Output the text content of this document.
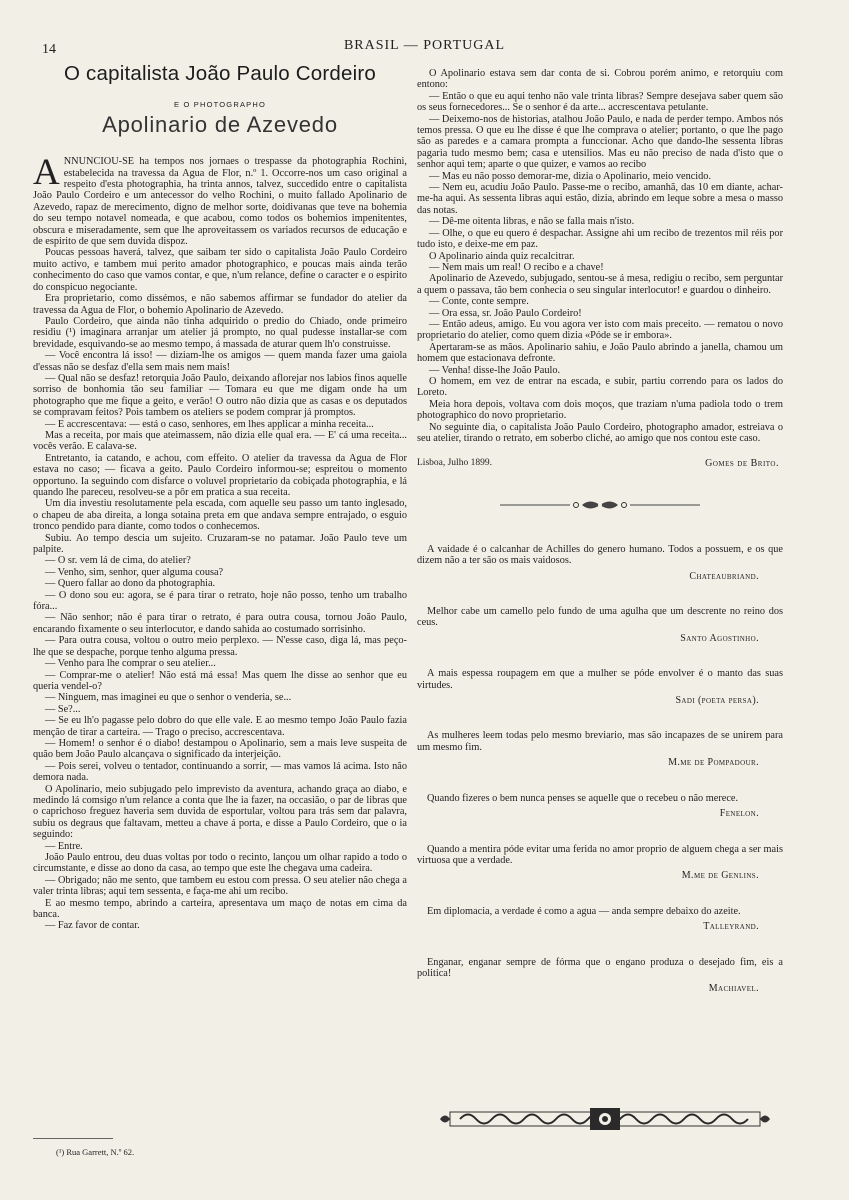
14	BRASIL — PORTUGAL
O capitalista João Paulo Cordeiro
E O PHOTOGRAPHO
Apolinario de Azevedo

ANNUNCIOU-SE ha tempos nos jornaes o trespasse da photographia Rochini, estabelecida na travessa da Agua de Flor, n.º 1. Occorre-nos um caso original a respeito d'esta photographia, ha trinta annos, talvez, succedido entre o capitalista João Paulo Cordeiro e um antecessor do velho Rochini, o muito fallado Apolinario de Azevedo, rapaz de merecimento, digno de melhor sorte, doidivanas que teve na bohemia do seu tempo notavel nomeada, e que acabou, como todos os bohemios impenitentes, obscura e miseradamente, sem que lhe aproveitassem os variados recursos de educação e de espirito de que sem duvida dispoz.

Poucas pessoas haverá, talvez, que saibam ter sido o capitalista João Paulo Cordeiro muito activo, e tambem mui perito amador photographico, e poucas mais ainda terão conhecimento do caso que vamos contar, e que, n'um relance, define o caracter e o espirito do conspicuo negociante.

Era proprietario, como dissémos, e não sabemos affirmar se fundador do atelier da travessa da Agua de Flor, o bohemio Apolinario de Azevedo.

Paulo Cordeiro, que ainda não tinha adquirido o predio do Chiado, onde primeiro residiu (¹) imaginara arranjar um atelier já prompto, no qual pudesse installar-se com brevidade, esquivando-se ao mesmo tempo, á massada de aturar quem lh'o construisse.

— Você encontra lá isso! — diziam-lhe os amigos — quem manda fazer uma gaiola d'essas não se desfaz d'ella sem mais nem mais!

— Qual não se desfaz! retorquia João Paulo, deixando aflorejar nos labios finos aquelle sorriso de bonhomia tão seu familiar — Tomara eu que me digam onde ha um photographo que me fique a geito, e verão! O outro não dizia que as casas e os deputados se compravam feitos? Pois tambem os ateliers se podem comprar já promptos.

— E accrescentava: — está o caso, senhores, em lhes applicar a minha receita...

Mas a receita, por mais que ateimassem, não dizia elle qual era. — E' cá uma receita... vocês verão. E calava-se.

Entretanto, ia catando, e achou, com effeito. O atelier da travessa da Agua de Flor estava no caso; — ficava a geito. Paulo Cordeiro informou-se; espreitou o momento opportuno. Ia seguindo com disfarce o voluvel proprietario da cobiçada photographia, e lá quando lhe pareceu, resolveu-se a pôr em pratica a sua receita.

Um dia investiu resolutamente pela escada, com aquelle seu passo um tanto inglesado, o chapeu de aba direita, a longa sotaina preta em que andava sempre entrajado, o esguio tronco pendido para diante, como todos o conhecemos.

Subiu. Ao tempo descia um sujeito. Cruzaram-se no patamar. João Paulo teve um palpite.

— O sr. vem lá de cima, do atelier?

— Venho, sim, senhor, quer alguma cousa?

— Quero fallar ao dono da photographia.

— O dono sou eu: agora, se é para tirar o retrato, hoje não posso, tenho um trabalho fóra...

— Não senhor; não é para tirar o retrato, é para outra cousa, tornou João Paulo, encarando fixamente o seu interlocutor, e dando sahida ao costumado sorrisinho.

— Para outra cousa, voltou o outro meio perplexo. — N'esse caso, diga lá, mas peço-lhe que se despache, porque tenho alguma pressa.

— Venho para lhe comprar o seu atelier...

— Comprar-me o atelier! Não está má essa! Mas quem lhe disse ao senhor que eu queria vendel-o?

— Ninguem, mas imaginei eu que o senhor o venderia, se...

— Se?...

— Se eu lh'o pagasse pelo dobro do que elle vale. E ao mesmo tempo João Paulo fazia menção de tirar a carteira. — Trago o preciso, accrescentava.

— Homem! o senhor é o diabo! destampou o Apolinario, sem a mais leve suspeita de quão bem João Paulo alcançava o significado da interjeição.

— Pois serei, volveu o tentador, continuando a sorrir, — mas vamos lá acima. Isto não demora nada.

O Apolinario, meio subjugado pelo imprevisto da aventura, achando graça ao diabo, e medindo lá comsigo n'um relance a conta que lhe ia fazer, na occasião, o par de libras que o caprichoso freguez haveria sem duvida de esportular, voltou para trás sem dar palavra, subiu os degraus que faltavam, metteu a chave á porta, e disse a Paulo Cordeiro, que o ia seguindo:

— Entre.

João Paulo entrou, deu duas voltas por todo o recinto, lançou um olhar rapido a todo o circumstante, e disse ao dono da casa, ao tempo que este lhe chegava uma cadeira.

— Obrigado; não me sento, que tambem eu estou com pressa. O seu atelier não chega a valer trinta libras; aqui tem sessenta, e faça-me ahi um recibo.

E ao mesmo tempo, abrindo a carteira, apresentava um maço de notas em cima da banca.

— Faz favor de contar.

O Apolinario estava sem dar conta de si. Cobrou porém animo, e retorquiu com entono:

— Então o que eu aqui tenho não vale trinta libras? Sempre desejava saber quem são os seus fornecedores... Se o senhor é da arte... accrescentava petulante.

— Deixemo-nos de historias, atalhou João Paulo, e nada de perder tempo. Ambos nós temos pressa. O que eu lhe disse é que lhe comprava o atelier; portanto, o que lhe pago são as paredes e a camara prompta a funccionar. Acho que dando-lhe sessenta libras pagaria tudo mesmo bem; casa e utensilios. Mas eu não preciso de nada d'isto que o senhor aqui tem; aparte o que quizer, e vamos ao recibo

— Mas eu não posso demorar-me, dizia o Apolinario, meio vencido.

— Nem eu, acudiu João Paulo. Passe-me o recibo, amanhã, das 10 em diante, achar-me-ha aqui. As sessenta libras aqui estão, dizia, abrindo em leque sobre a mesa o masso das notas.

— Dê-me oitenta libras, e não se falla mais n'isto.

— Olhe, o que eu quero é despachar. Assigne ahi um recibo de trezentos mil réis por tudo isto, e deixe-me em paz.

O Apolinario ainda quiz recalcitrar.

— Nem mais um real! O recibo e a chave!

Apolinario de Azevedo, subjugado, sentou-se á mesa, redigiu o recibo, sem perguntar a quem o passava, tão bem conhecia o seu singular interlocutor! e guardou o dinheiro.

— Conte, conte sempre.

— Ora essa, sr. João Paulo Cordeiro!

— Então adeus, amigo. Eu vou agora ver isto com mais preceito. — rematou o novo proprietario do atelier, como quem dizia «Póde se ir embora».

Apertaram-se as mãos. Apolinario sahiu, e João Paulo abrindo a janella, chamou um homem que estacionava defronte.

— Venha! disse-lhe João Paulo.

O homem, em vez de entrar na escada, e subir, partiu correndo para os lados do Loreto.

Meia hora depois, voltava com dois moços, que traziam n'uma padiola todo o trem photographico do novo proprietario.

No seguinte dia, o capitalista João Paulo Cordeiro, photographo amador, estreiava o seu atelier, tirando o retrato, em soberbo cliché, ao amigo que nos contou este caso.

Lisboa, Julho 1899.	Gomes de Brito.
A vaidade é o calcanhar de Achilles do genero humano. Todos a possuem, e os que dizem não a ter são os mais vaidosos.
Chateaubriand.
Melhor cabe um camello pelo fundo de uma agulha que um descrente no reino dos ceus.
Santo Agostinho.
A mais espessa roupagem em que a mulher se póde envolver é o manto das suas virtudes.
Sadi (poeta persa).
As mulheres leem todas pelo mesmo breviario, mas são incapazes de se unirem para um mesmo fim.
M.me de Pompadour.
Quando fizeres o bem nunca penses se aquelle que o recebeu o não merece.
Fenelon.
Quando a mentira póde evitar uma ferida no amor proprio de alguem chega a ser mais virtuosa que a verdade.
M.me de Genlins.
Em diplomacia, a verdade é como a agua — anda sempre debaixo do azeite.
Talleyrand.
Enganar, enganar sempre de fórma que o engano produza o desejado fim, eis a politica!
Machiavel.
(¹) Rua Garrett, N.º 62.
